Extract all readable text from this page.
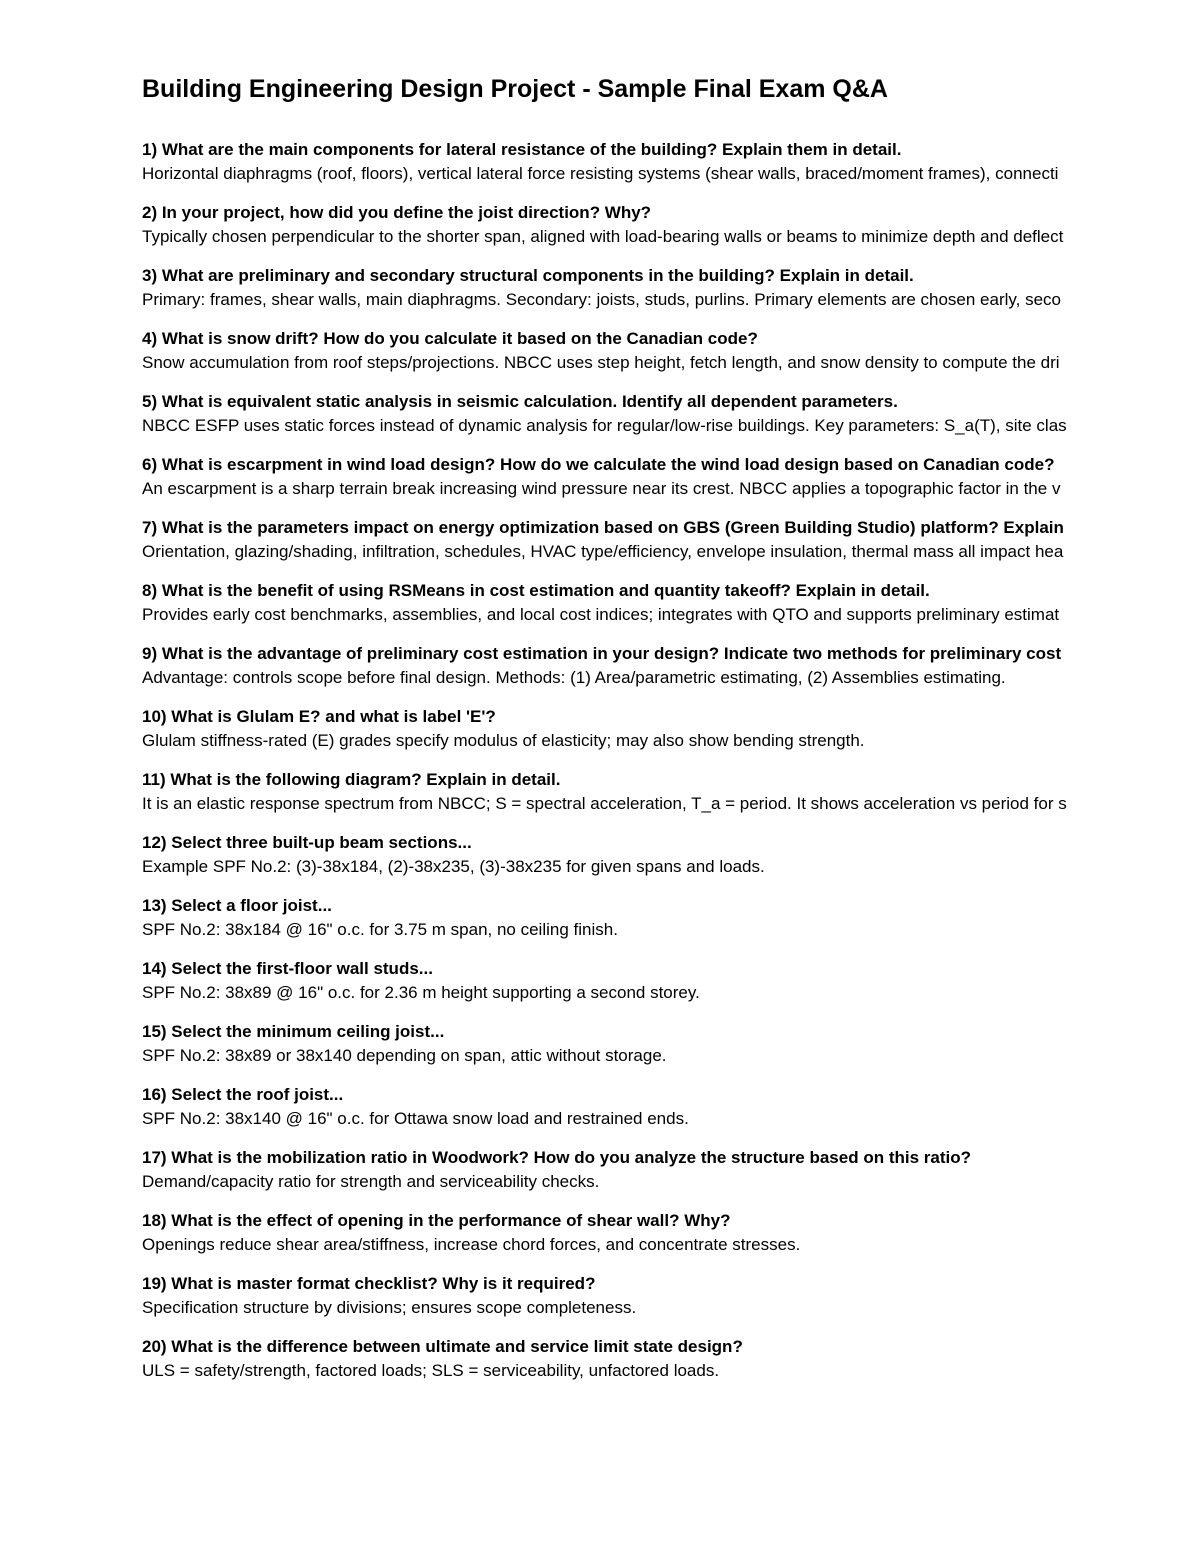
Building Engineering Design Project - Sample Final Exam Q&A
1) What are the main components for lateral resistance of the building? Explain them in detail.
Horizontal diaphragms (roof, floors), vertical lateral force resisting systems (shear walls, braced/moment frames), connecti
2) In your project, how did you define the joist direction? Why?
Typically chosen perpendicular to the shorter span, aligned with load-bearing walls or beams to minimize depth and deflect
3) What are preliminary and secondary structural components in the building? Explain in detail.
Primary: frames, shear walls, main diaphragms. Secondary: joists, studs, purlins. Primary elements are chosen early, seco
4) What is snow drift? How do you calculate it based on the Canadian code?
Snow accumulation from roof steps/projections. NBCC uses step height, fetch length, and snow density to compute the dri
5) What is equivalent static analysis in seismic calculation. Identify all dependent parameters.
NBCC ESFP uses static forces instead of dynamic analysis for regular/low-rise buildings. Key parameters: S_a(T), site clas
6) What is escarpment in wind load design? How do we calculate the wind load design based on Canadian code?
An escarpment is a sharp terrain break increasing wind pressure near its crest. NBCC applies a topographic factor in the v
7) What is the parameters impact on energy optimization based on GBS (Green Building Studio) platform? Explain
Orientation, glazing/shading, infiltration, schedules, HVAC type/efficiency, envelope insulation, thermal mass all impact hea
8) What is the benefit of using RSMeans in cost estimation and quantity takeoff? Explain in detail.
Provides early cost benchmarks, assemblies, and local cost indices; integrates with QTO and supports preliminary estimat
9) What is the advantage of preliminary cost estimation in your design? Indicate two methods for preliminary cost
Advantage: controls scope before final design. Methods: (1) Area/parametric estimating, (2) Assemblies estimating.
10) What is Glulam E? and what is label 'E'?
Glulam stiffness-rated (E) grades specify modulus of elasticity; may also show bending strength.
11) What is the following diagram? Explain in detail.
It is an elastic response spectrum from NBCC; S = spectral acceleration, T_a = period. It shows acceleration vs period for s
12) Select three built-up beam sections...
Example SPF No.2: (3)-38x184, (2)-38x235, (3)-38x235 for given spans and loads.
13) Select a floor joist...
SPF No.2: 38x184 @ 16" o.c. for 3.75 m span, no ceiling finish.
14) Select the first-floor wall studs...
SPF No.2: 38x89 @ 16" o.c. for 2.36 m height supporting a second storey.
15) Select the minimum ceiling joist...
SPF No.2: 38x89 or 38x140 depending on span, attic without storage.
16) Select the roof joist...
SPF No.2: 38x140 @ 16" o.c. for Ottawa snow load and restrained ends.
17) What is the mobilization ratio in Woodwork? How do you analyze the structure based on this ratio?
Demand/capacity ratio for strength and serviceability checks.
18) What is the effect of opening in the performance of shear wall? Why?
Openings reduce shear area/stiffness, increase chord forces, and concentrate stresses.
19) What is master format checklist? Why is it required?
Specification structure by divisions; ensures scope completeness.
20) What is the difference between ultimate and service limit state design?
ULS = safety/strength, factored loads; SLS = serviceability, unfactored loads.
